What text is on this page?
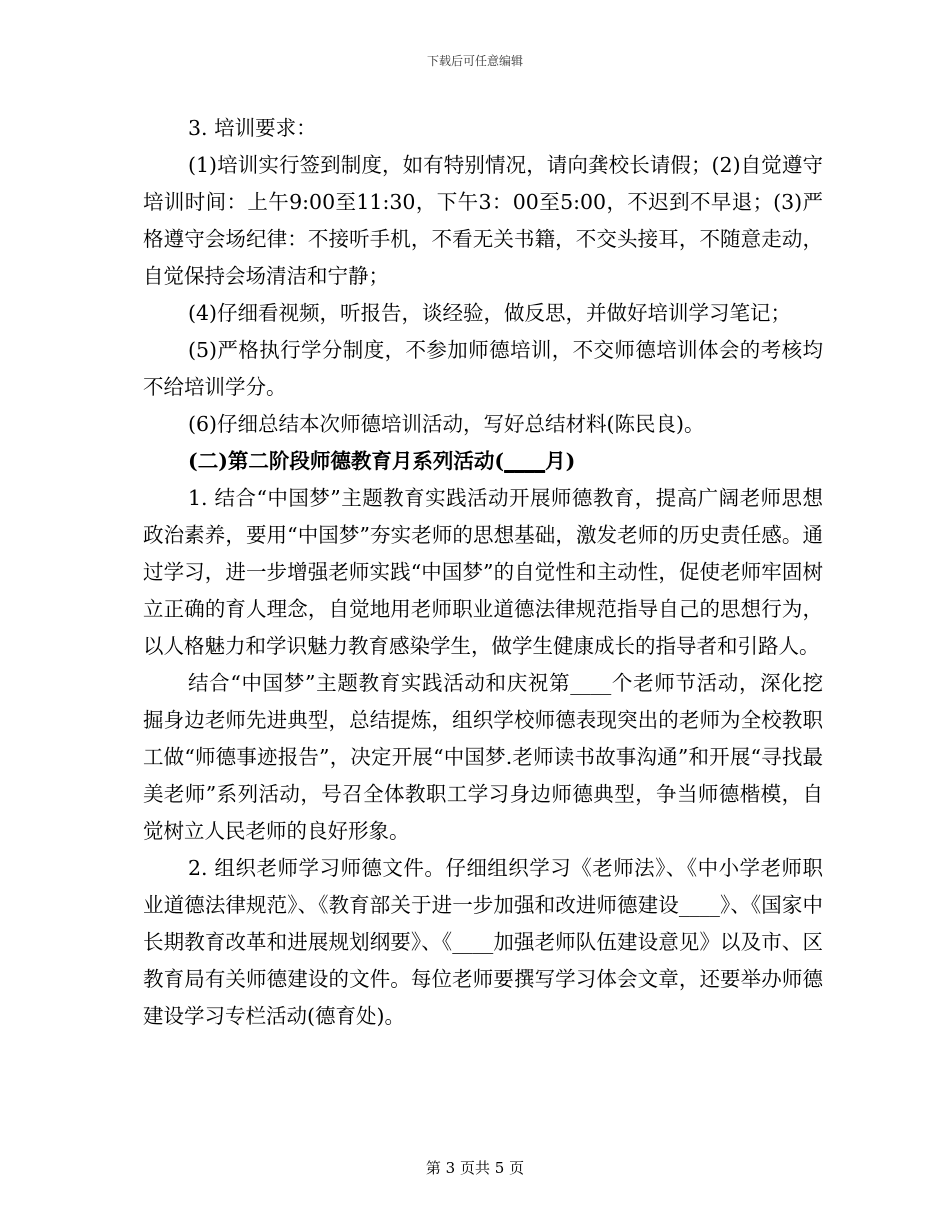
下载后可任意编辑

3. 培训要求：

(1)培训实行签到制度，如有特别情况，请向龚校长请假；(2)自觉遵守培训时间：上午9:00至11:30，下午3：00至5:00，不迟到不早退；(3)严格遵守会场纪律：不接听手机，不看无关书籍，不交头接耳，不随意走动，自觉保持会场清洁和宁静；

(4)仔细看视频，听报告，谈经验，做反思，并做好培训学习笔记；

(5)严格执行学分制度，不参加师德培训，不交师德培训体会的考核均不给培训学分。

(6)仔细总结本次师德培训活动，写好总结材料(陈民良)。

(二)第二阶段师德教育月系列活动(____月)

1. 结合“中国梦”主题教育实践活动开展师德教育，提高广阔老师思想政治素养，要用“中国梦”夯实老师的思想基础，激发老师的历史责任感。通过学习，进一步增强老师实践“中国梦”的自觉性和主动性，促使老师牢固树立正确的育人理念，自觉地用老师职业道德法律规范指导自己的思想行为，以人格魅力和学识魅力教育感染学生，做学生健康成长的指导者和引路人。

结合“中国梦”主题教育实践活动和庆祝第____个老师节活动，深化挖掘身边老师先进典型，总结提炼，组织学校师德表现突出的老师为全校教职工做“师德事迹报告”，决定开展“中国梦.老师读书故事沟通”和开展“寻找最美老师”系列活动，号召全体教职工学习身边师德典型，争当师德楷模，自觉树立人民老师的良好形象。

2. 组织老师学习师德文件。仔细组织学习《老师法》、《中小学老师职业道德法律规范》、《教育部关于进一步加强和改进师德建设____》、《国家中长期教育改革和进展规划纲要》、《____加强老师队伍建设意见》以及市、区教育局有关师德建设的文件。每位老师要撰写学习体会文章，还要举办师德建设学习专栏活动(德育处)。

第 3 页共 5 页
